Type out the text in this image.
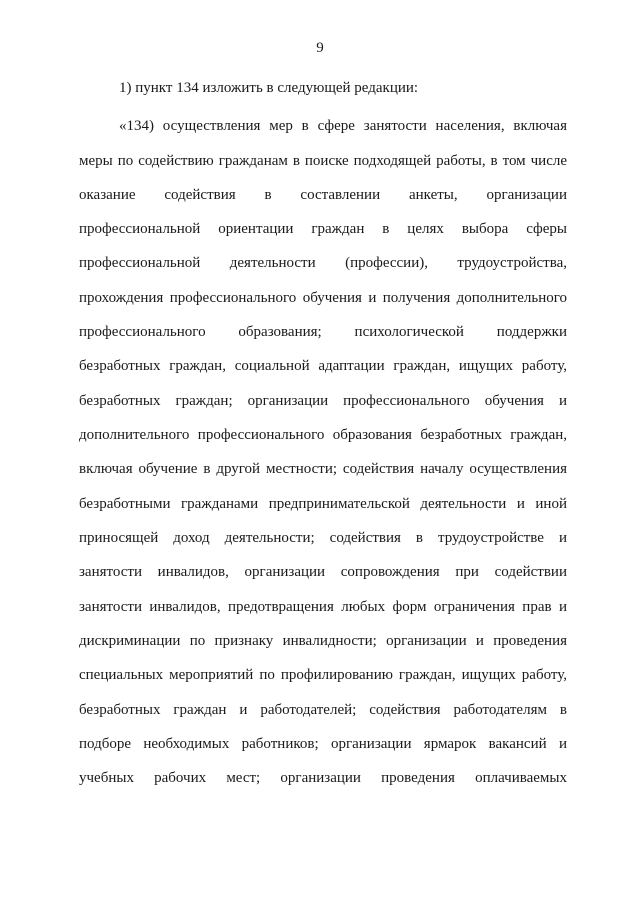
9
1) пункт 134 изложить в следующей редакции:
«134) осуществления мер в сфере занятости населения, включая
меры по содействию гражданам в поиске подходящей работы, в том числе
оказание содействия в составлении анкеты, организации
профессиональной ориентации граждан в целях выбора сферы
профессиональной деятельности (профессии), трудоустройства,
прохождения профессионального обучения и получения дополнительного
профессионального образования; психологической поддержки
безработных граждан, социальной адаптации граждан, ищущих работу,
безработных граждан; организации профессионального обучения и
дополнительного профессионального образования безработных граждан,
включая обучение в другой местности; содействия началу осуществления
безработными гражданами предпринимательской деятельности и иной
приносящей доход деятельности; содействия в трудоустройстве и
занятости инвалидов, организации сопровождения при содействии
занятости инвалидов, предотвращения любых форм ограничения прав и
дискриминации по признаку инвалидности; организации и проведения
специальных мероприятий по профилированию граждан, ищущих работу,
безработных граждан и работодателей; содействия работодателям в
подборе необходимых работников; организации ярмарок вакансий и
учебных рабочих мест; организации проведения оплачиваемых
